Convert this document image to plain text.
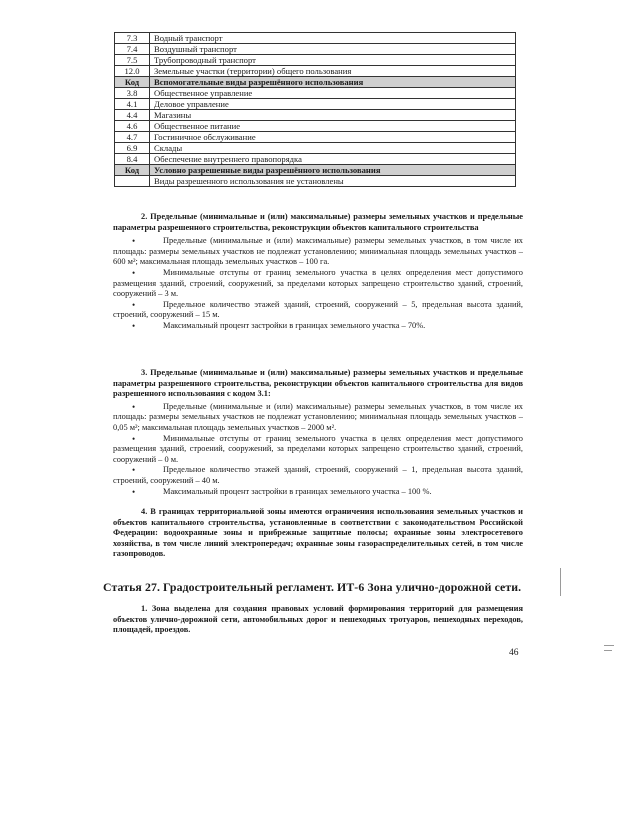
7.3	Водный транспорт
7.4	Воздушный транспорт
7.5	Трубопроводный транспорт
12.0	Земельные участки (территории) общего пользования
Код	Вспомогательные виды разрешённого использования
3.8	Общественное управление
4.1	Деловое управление
4.4	Магазины
4.6	Общественное питание
4.7	Гостиничное обслуживание
6.9	Склады
8.4	Обеспечение внутреннего правопорядка
Код	Условно разрешенные виды разрешённого использования
	Виды разрешенного использования не установлены
2. Предельные (минимальные и (или) максимальные) размеры земельных участков и предельные параметры разрешенного строительства, реконструкции объектов капитального строительства
•	Предельные (минимальные и (или) максимальные) размеры земельных участков, в том числе их площадь: размеры земельных участков не подлежат установлению; минимальная площадь земельных участков – 600 м²; максимальная площадь земельных участков – 100 га.
•	Минимальные отступы от границ земельного участка в целях определения мест допустимого размещения зданий, строений, сооружений, за пределами которых запрещено строительство зданий, строений, сооружений – 3 м.
•	Предельное количество этажей зданий, строений, сооружений – 5, предельная высота зданий, строений, сооружений – 15 м.
•	Максимальный процент застройки в границах земельного участка – 70%.
3. Предельные (минимальные и (или) максимальные) размеры земельных участков и предельные параметры разрешенного строительства, реконструкции объектов капитального строительства для видов разрешенного использования с кодом 3.1:
•	Предельные (минимальные и (или) максимальные) размеры земельных участков, в том числе их площадь: размеры земельных участков не подлежат установлению; минимальная площадь земельных участков – 0,05 м²; максимальная площадь земельных участков – 2000 м².
•	Минимальные отступы от границ земельного участка в целях определения мест допустимого размещения зданий, строений, сооружений, за пределами которых запрещено строительство зданий, строений, сооружений – 0 м.
•	Предельное количество этажей зданий, строений, сооружений – 1, предельная высота зданий, строений, сооружений – 40 м.
•	Максимальный процент застройки в границах земельного участка – 100 %.
4. В границах территориальной зоны имеются ограничения использования земельных участков и объектов капитального строительства, установленные в соответствии с законодательством Российской Федерации: водоохранные зоны и прибрежные защитные полосы; охранные зоны электросетевого хозяйства, в том числе линий электропередач; охранные зоны газораспределительных сетей, в том числе газопроводов.
Статья 27. Градостроительный регламент. ИТ-6 Зона улично-дорожной сети.
1. Зона выделена для создания правовых условий формирования территорий для размещения объектов улично-дорожной сети, автомобильных дорог и пешеходных тротуаров, пешеходных переходов, площадей, проездов.
46
